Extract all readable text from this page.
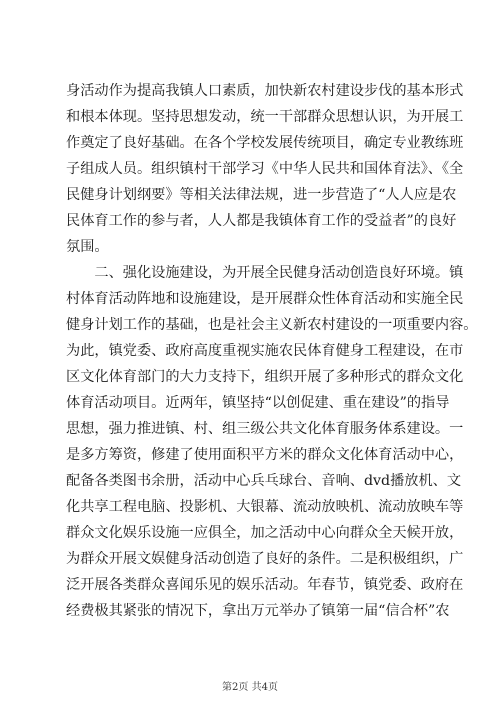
身活动作为提高我镇人口素质，加快新农村建设步伐的基本形式
和根本体现。坚持思想发动，统一干部群众思想认识，为开展工
作奠定了良好基础。在各个学校发展传统项目，确定专业教练班
子组成人员。组织镇村干部学习《中华人民共和国体育法》、《全
民健身计划纲要》等相关法律法规，进一步营造了“人人应是农
民体育工作的参与者，人人都是我镇体育工作的受益者”的良好
氛围。
　　二、强化设施建设，为开展全民健身活动创造良好环境。镇
村体育活动阵地和设施建设，是开展群众性体育活动和实施全民
健身计划工作的基础，也是社会主义新农村建设的一项重要内容。
为此，镇党委、政府高度重视实施农民体育健身工程建设，在市
区文化体育部门的大力支持下，组织开展了多种形式的群众文化
体育活动项目。近两年，镇坚持“以创促建、重在建设”的指导
思想，强力推进镇、村、组三级公共文化体育服务体系建设。一
是多方筹资，修建了使用面积平方米的群众文化体育活动中心，
配备各类图书余册，活动中心兵乓球台、音响、dvd播放机、文
化共享工程电脑、投影机、大银幕、流动放映机、流动放映车等
群众文化娱乐设施一应俱全，加之活动中心向群众全天候开放，
为群众开展文娱健身活动创造了良好的条件。二是积极组织，广
泛开展各类群众喜闻乐见的娱乐活动。年春节，镇党委、政府在
经费极其紧张的情况下，拿出万元举办了镇第一届“信合杯”农
第2页 共4页
